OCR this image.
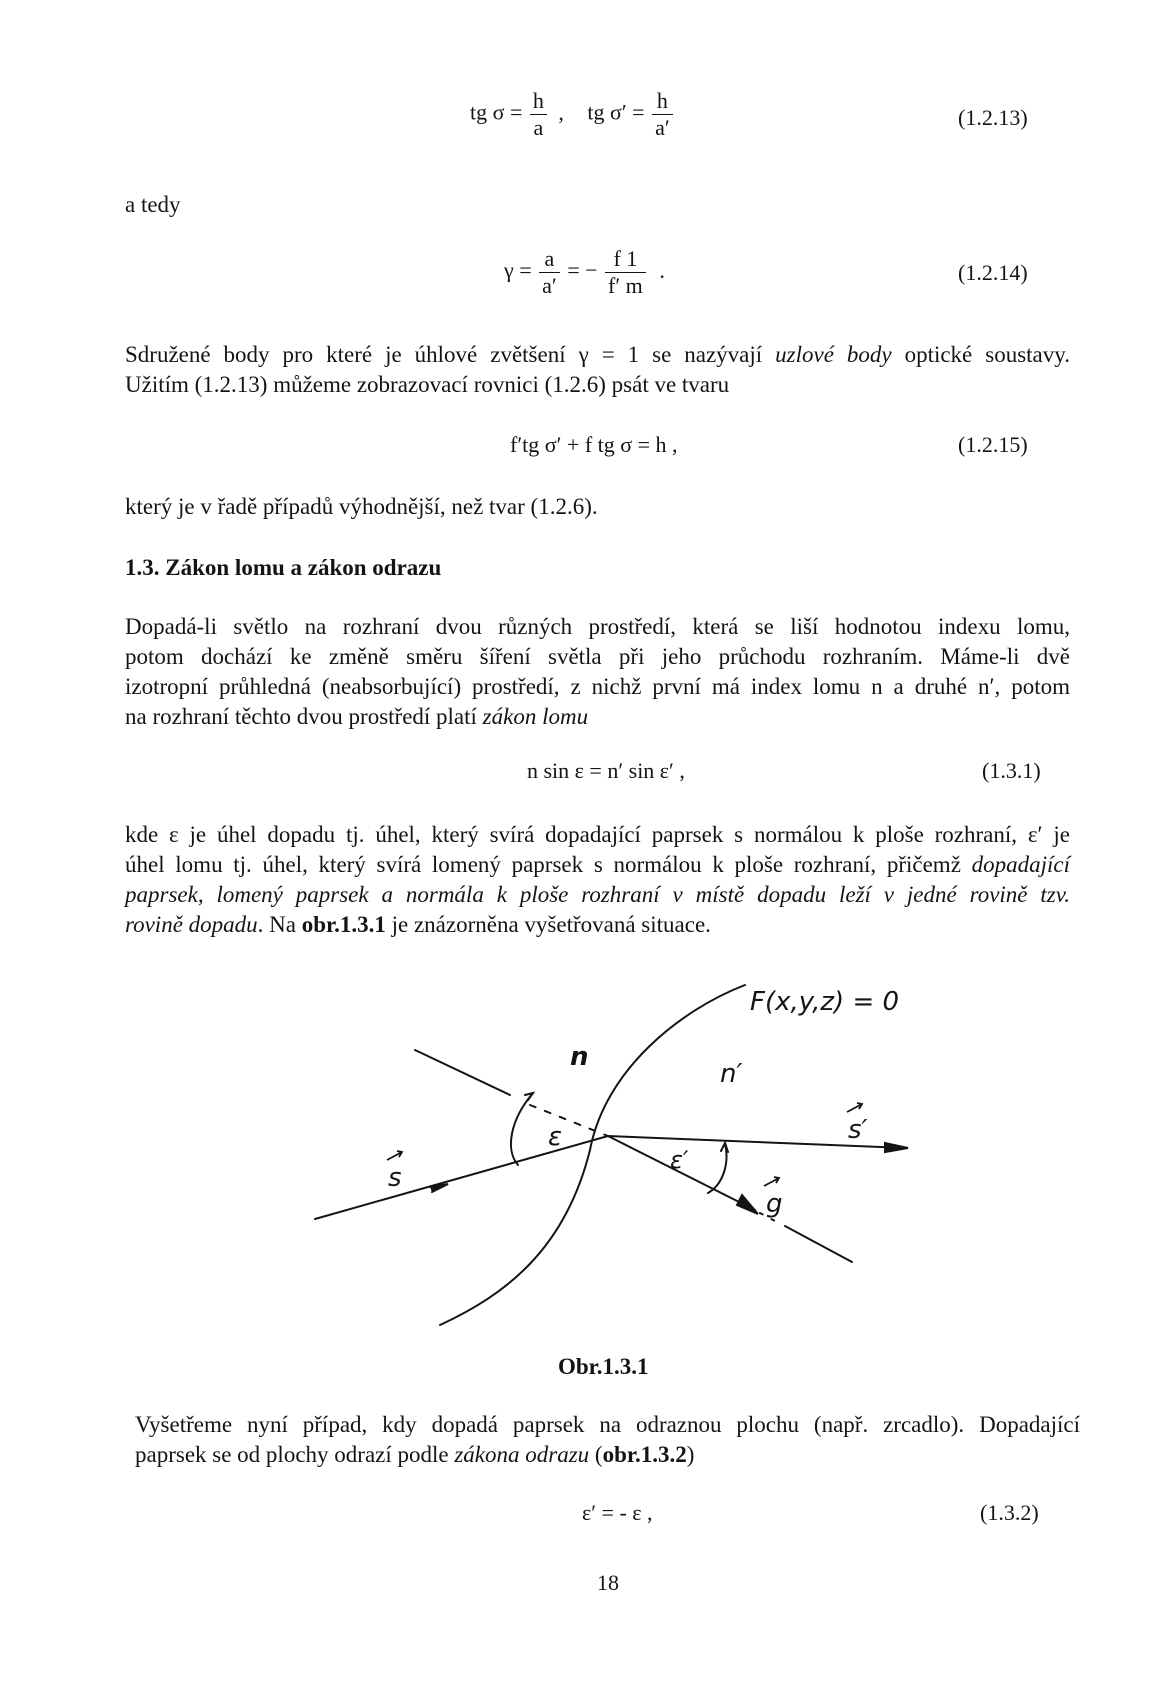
tg $\sigma = \frac{h}{a}$ , tg $\sigma' = \frac{h}{a'}$	(1.2.13)
a tedy
$\gamma = \frac{a}{a'}$ = − $\frac{f 1}{f' m}$ .	(1.2.14)
Sdružené body pro které je úhlové zvětšení γ = 1 se nazývají uzlové body optické soustavy.
Užitím (1.2.13) můžeme zobrazovací rovnici (1.2.6) psát ve tvaru
f′tg σ′ + f tg σ = h ,	(1.2.15)
který je v řadě případů výhodnější, než tvar (1.2.6).
1.3. Zákon lomu a zákon odrazu
Dopadá-li světlo na rozhraní dvou různých prostředí, která se liší hodnotou indexu lomu,
potom dochází ke změně směru šíření světla při jeho průchodu rozhraním. Máme-li dvě
izotropní průhledná (neabsorbující) prostředí, z nichž první má index lomu n a druhé n′, potom
na rozhraní těchto dvou prostředí platí zákon lomu
n sin ε = n′ sin ε′ ,	(1.3.1)
kde ε je úhel dopadu tj. úhel, který svírá dopadající paprsek s normálou k ploše rozhraní, ε′ je
úhel lomu tj. úhel, který svírá lomený paprsek s normálou k ploše rozhraní, přičemž dopadající
paprsek, lomený paprsek a normála k ploše rozhraní v místě dopadu leží v jedné rovině tzv.
rovině dopadu. Na obr.1.3.1 je znázorněna vyšetřovaná situace.
F(x,y,z) = 0
n
n′
s
s′
g
ε
ε′
Obr.1.3.1
Vyšetřeme nyní případ, kdy dopadá paprsek na odraznou plochu (např. zrcadlo). Dopadající
paprsek se od plochy odrazí podle zákona odrazu (obr.1.3.2)
ε′ = - ε ,	(1.3.2)
18
